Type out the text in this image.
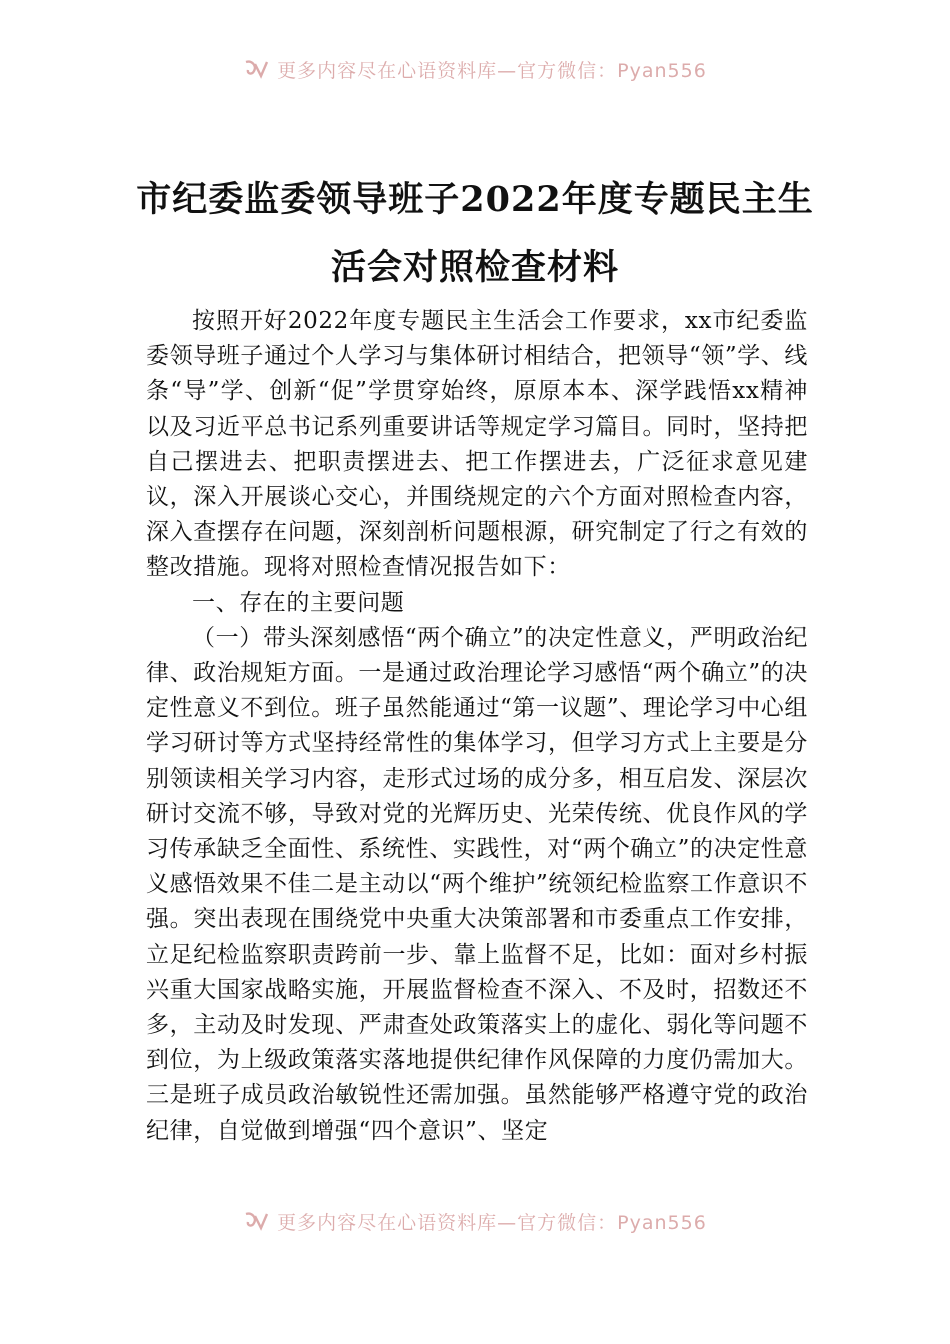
更多内容尽在心语资料库—官方微信：Pyan556
市纪委监委领导班子2022年度专题民主生
活会对照检查材料

按照开好2022年度专题民主生活会工作要求，xx市纪委监委领导班子通过个人学习与集体研讨相结合，把领导“领”学、线条“导”学、创新“促”学贯穿始终，原原本本、深学践悟xx精神以及习近平总书记系列重要讲话等规定学习篇目。同时，坚持把自己摆进去、把职责摆进去、把工作摆进去，广泛征求意见建议，深入开展谈心交心，并围绕规定的六个方面对照检查内容，深入查摆存在问题，深刻剖析问题根源，研究制定了行之有效的整改措施。现将对照检查情况报告如下：

一、存在的主要问题

（一）带头深刻感悟“两个确立”的决定性意义，严明政治纪律、政治规矩方面。一是通过政治理论学习感悟“两个确立”的决定性意义不到位。班子虽然能通过“第一议题”、理论学习中心组学习研讨等方式坚持经常性的集体学习，但学习方式上主要是分别领读相关学习内容，走形式过场的成分多，相互启发、深层次研讨交流不够，导致对党的光辉历史、光荣传统、优良作风的学习传承缺乏全面性、系统性、实践性，对“两个确立”的决定性意义感悟效果不佳二是主动以“两个维护”统领纪检监察工作意识不强。突出表现在围绕党中央重大决策部署和市委重点工作安排，立足纪检监察职责跨前一步、靠上监督不足，比如：面对乡村振兴重大国家战略实施，开展监督检查不深入、不及时，招数还不多，主动及时发现、严肃查处政策落实上的虚化、弱化等问题不到位，为上级政策落实落地提供纪律作风保障的力度仍需加大。三是班子成员政治敏锐性还需加强。虽然能够严格遵守党的政治纪律，自觉做到增强“四个意识”、坚定

更多内容尽在心语资料库—官方微信：Pyan556
